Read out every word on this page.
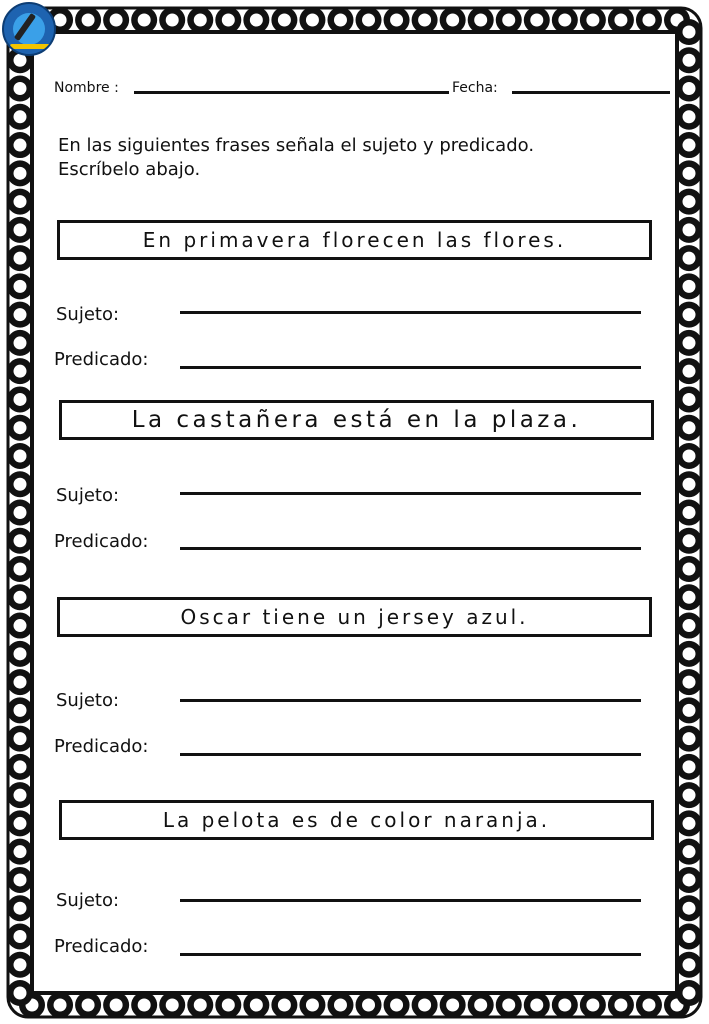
Nombre :	Fecha:
En las siguientes frases señala el sujeto y predicado.
Escríbelo abajo.
En primavera florecen las flores.
Sujeto:
Predicado:
La castañera está en la plaza.
Sujeto:
Predicado:
Oscar tiene un jersey azul.
Sujeto:
Predicado:
La pelota es de color naranja.
Sujeto:
Predicado:
